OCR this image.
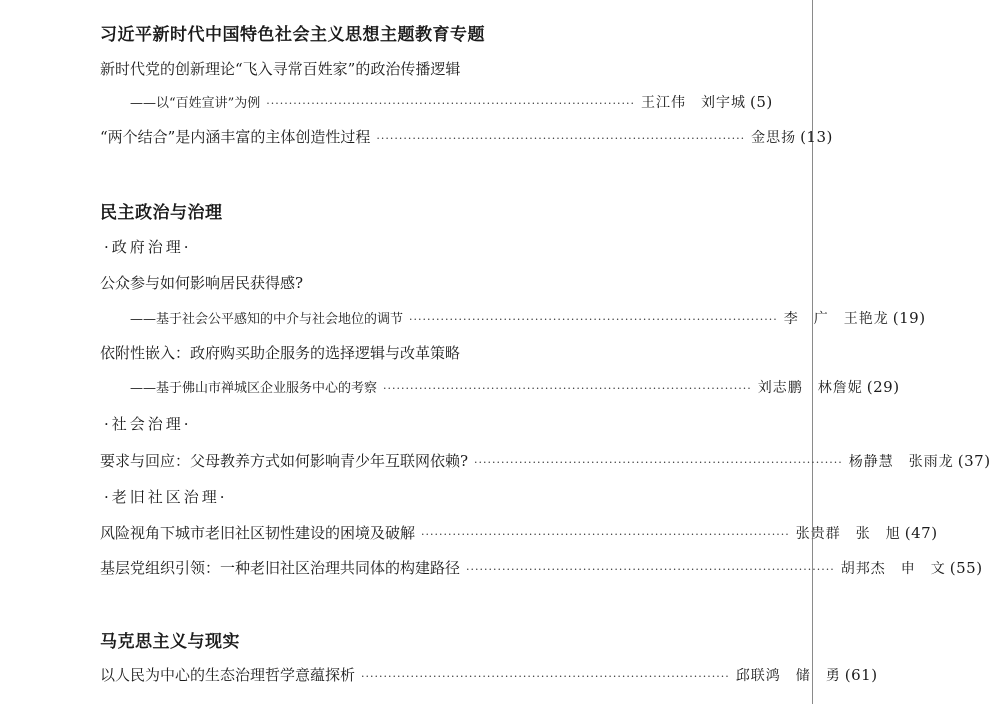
习近平新时代中国特色社会主义思想主题教育专题
新时代党的创新理论“飞入寻常百姓家”的政治传播逻辑
——以“百姓宣讲”为例 ·················································································· 王江伟　刘宇城 (5)
“两个结合”是内涵丰富的主体创造性过程 ·················································································· 金思扬 (13)
民主政治与治理
·政府治理·
公众参与如何影响居民获得感?
——基于社会公平感知的中介与社会地位的调节 ·················································································· 李　广　王艳龙 (19)
依附性嵌入：政府购买助企服务的选择逻辑与改革策略
——基于佛山市禅城区企业服务中心的考察 ·················································································· 刘志鹏　林詹妮 (29)
·社会治理·
要求与回应：父母教养方式如何影响青少年互联网依赖? ·················································································· 杨静慧　张雨龙 (37)
·老旧社区治理·
风险视角下城市老旧社区韧性建设的困境及破解 ·················································································· 张贵群　张　旭 (47)
基层党组织引领：一种老旧社区治理共同体的构建路径 ·················································································· 胡邦杰　申　文 (55)
马克思主义与现实
以人民为中心的生态治理哲学意蕴探析 ·················································································· 邱联鸿　储　勇 (61)
